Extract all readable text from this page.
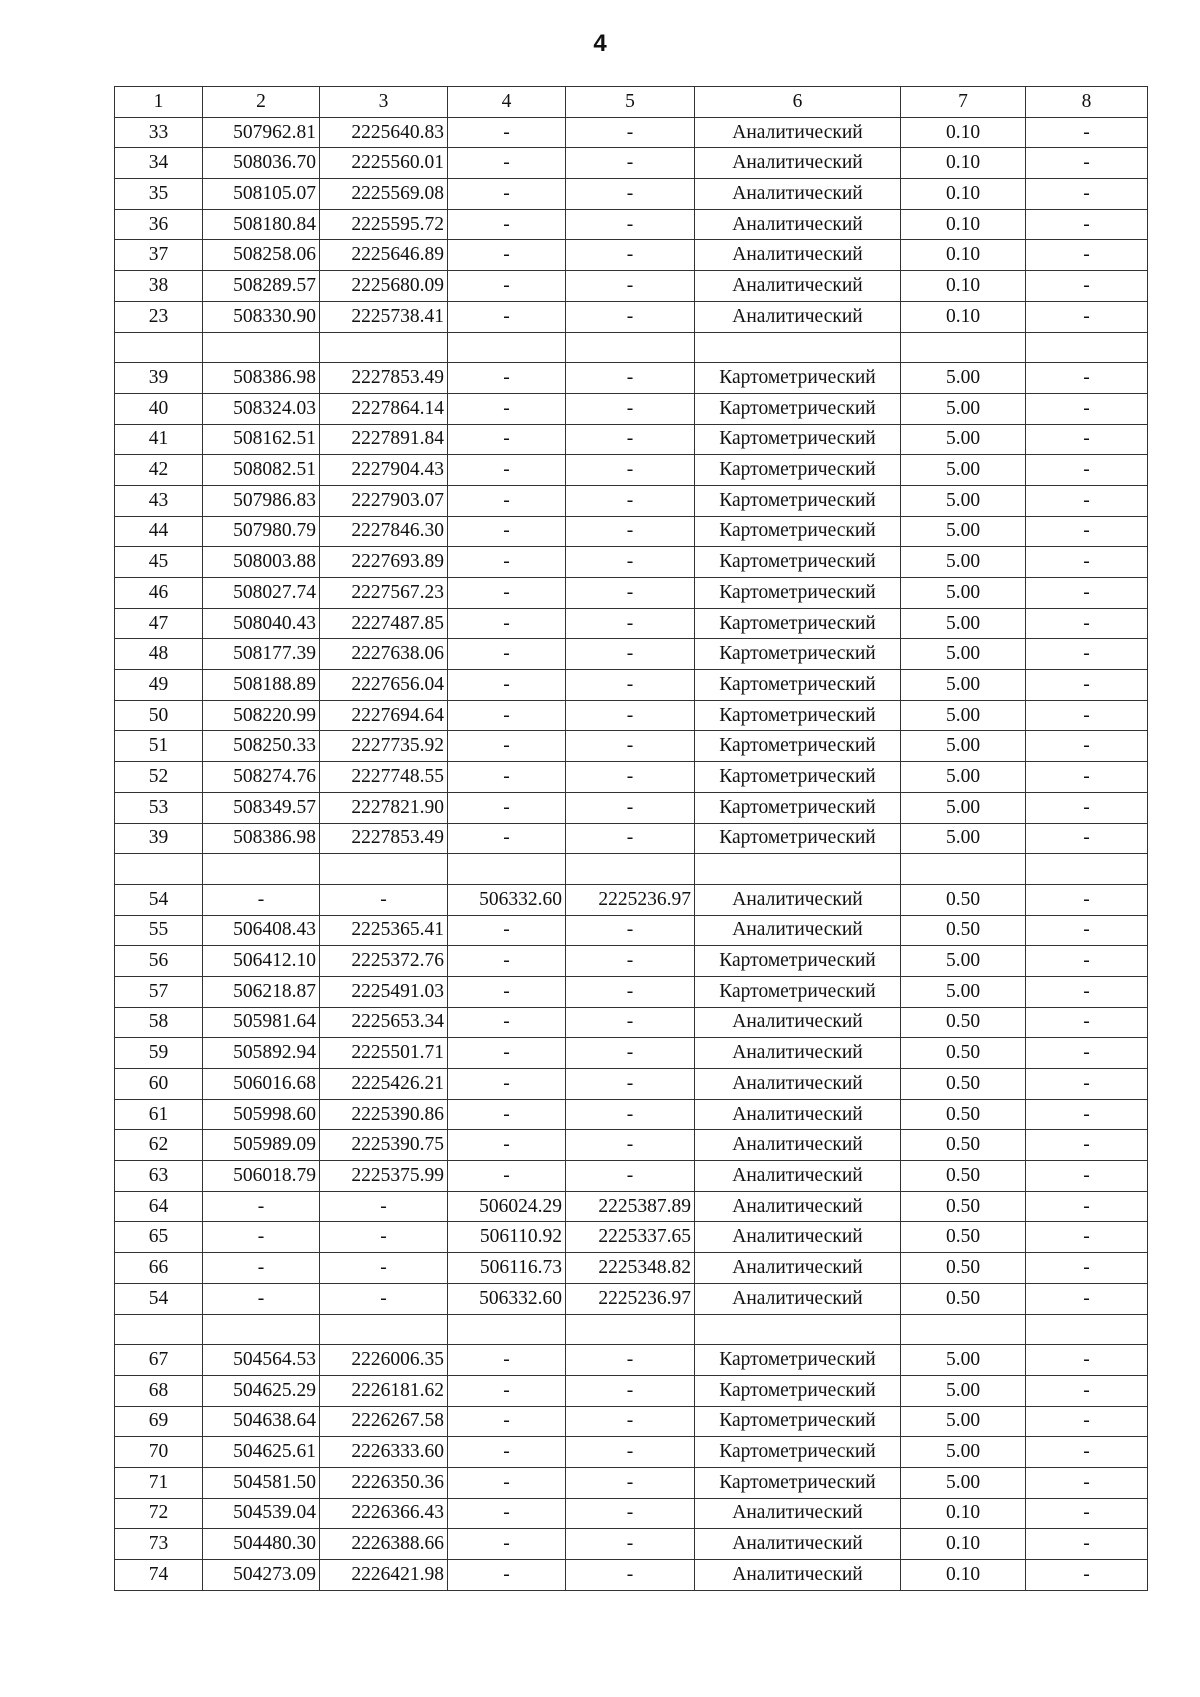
4
1	2	3	4	5	6	7	8
33	507962.81	2225640.83	-	-	Аналитический	0.10	-
34	508036.70	2225560.01	-	-	Аналитический	0.10	-
35	508105.07	2225569.08	-	-	Аналитический	0.10	-
36	508180.84	2225595.72	-	-	Аналитический	0.10	-
37	508258.06	2225646.89	-	-	Аналитический	0.10	-
38	508289.57	2225680.09	-	-	Аналитический	0.10	-
23	508330.90	2225738.41	-	-	Аналитический	0.10	-

39	508386.98	2227853.49	-	-	Картометрический	5.00	-
40	508324.03	2227864.14	-	-	Картометрический	5.00	-
41	508162.51	2227891.84	-	-	Картометрический	5.00	-
42	508082.51	2227904.43	-	-	Картометрический	5.00	-
43	507986.83	2227903.07	-	-	Картометрический	5.00	-
44	507980.79	2227846.30	-	-	Картометрический	5.00	-
45	508003.88	2227693.89	-	-	Картометрический	5.00	-
46	508027.74	2227567.23	-	-	Картометрический	5.00	-
47	508040.43	2227487.85	-	-	Картометрический	5.00	-
48	508177.39	2227638.06	-	-	Картометрический	5.00	-
49	508188.89	2227656.04	-	-	Картометрический	5.00	-
50	508220.99	2227694.64	-	-	Картометрический	5.00	-
51	508250.33	2227735.92	-	-	Картометрический	5.00	-
52	508274.76	2227748.55	-	-	Картометрический	5.00	-
53	508349.57	2227821.90	-	-	Картометрический	5.00	-
39	508386.98	2227853.49	-	-	Картометрический	5.00	-

54	-	-	506332.60	2225236.97	Аналитический	0.50	-
55	506408.43	2225365.41	-	-	Аналитический	0.50	-
56	506412.10	2225372.76	-	-	Картометрический	5.00	-
57	506218.87	2225491.03	-	-	Картометрический	5.00	-
58	505981.64	2225653.34	-	-	Аналитический	0.50	-
59	505892.94	2225501.71	-	-	Аналитический	0.50	-
60	506016.68	2225426.21	-	-	Аналитический	0.50	-
61	505998.60	2225390.86	-	-	Аналитический	0.50	-
62	505989.09	2225390.75	-	-	Аналитический	0.50	-
63	506018.79	2225375.99	-	-	Аналитический	0.50	-
64	-	-	506024.29	2225387.89	Аналитический	0.50	-
65	-	-	506110.92	2225337.65	Аналитический	0.50	-
66	-	-	506116.73	2225348.82	Аналитический	0.50	-
54	-	-	506332.60	2225236.97	Аналитический	0.50	-

67	504564.53	2226006.35	-	-	Картометрический	5.00	-
68	504625.29	2226181.62	-	-	Картометрический	5.00	-
69	504638.64	2226267.58	-	-	Картометрический	5.00	-
70	504625.61	2226333.60	-	-	Картометрический	5.00	-
71	504581.50	2226350.36	-	-	Картометрический	5.00	-
72	504539.04	2226366.43	-	-	Аналитический	0.10	-
73	504480.30	2226388.66	-	-	Аналитический	0.10	-
74	504273.09	2226421.98	-	-	Аналитический	0.10	-
